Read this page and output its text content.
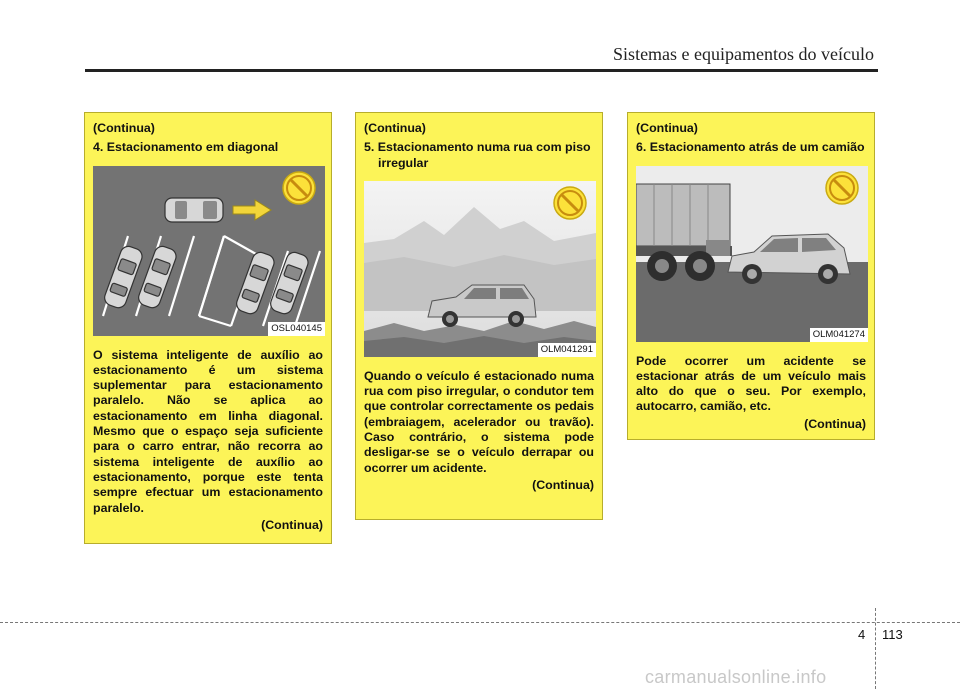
Sistemas e equipamentos do veículo
(Continua)
4. Estacionamento em diagonal
OSL040145

O sistema inteligente de auxílio ao estacionamento é um sistema suplementar para estacionamento paralelo. Não se aplica ao estacionamento em linha diagonal. Mesmo que o espaço seja suficiente para o carro entrar, não recorra ao sistema inteligente de auxílio ao estacionamento, porque este tenta sempre efectuar um estacionamento paralelo.

(Continua)
(Continua)
5. Estacionamento numa rua com piso irregular
OLM041291

Quando o veículo é estacionado numa rua com piso irregular, o condutor tem que controlar correctamente os pedais (embraiagem, acelerador ou travão). Caso contrário, o sistema pode desligar-se se o veículo derrapar ou ocorrer um acidente.

(Continua)
(Continua)
6. Estacionamento atrás de um camião
OLM041274

Pode ocorrer um acidente se estacionar atrás de um veículo mais alto do que o seu. Por exemplo, autocarro, camião, etc.

(Continua)
4 113
carmanualsonline.info
